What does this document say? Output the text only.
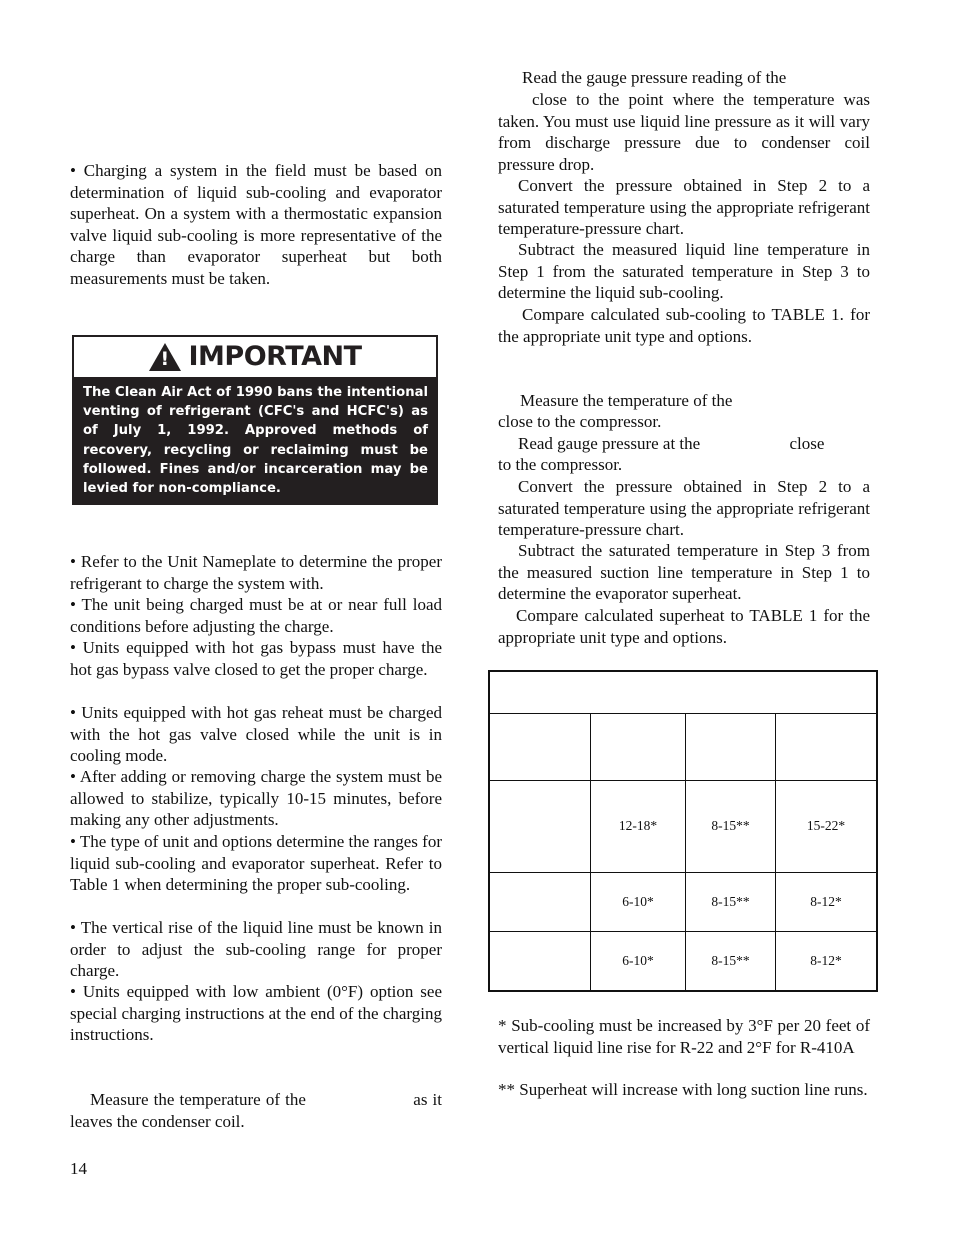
• Charging a system in the field must be based on determination of liquid sub-cooling and evaporator superheat. On a system with a thermostatic expansion valve liquid sub-cooling is more representative of the charge than evaporator superheat but both measurements must be taken.

! IMPORTANT
The Clean Air Act of 1990 bans the intentional venting of refrigerant (CFC's and HCFC's) as of July 1, 1992. Approved methods of recovery, recycling or reclaiming must be followed. Fines and/or incarceration may be levied for non-compliance.

• Refer to the Unit Nameplate to determine the proper refrigerant to charge the system with.

• The unit being charged must be at or near full load conditions before adjusting the charge.

• Units equipped with hot gas bypass must have the hot gas bypass valve closed to get the proper charge.

• Units equipped with hot gas reheat must be charged with the hot gas valve closed while the unit is in cooling mode.

• After adding or removing charge the system must be allowed to stabilize, typically 10-15 minutes, before making any other adjustments.

• The type of unit and options determine the ranges for liquid sub-cooling and evaporator superheat. Refer to Table 1 when determining the proper sub-cooling.

• The vertical rise of the liquid line must be known in order to adjust the sub-cooling range for proper charge.

• Units equipped with low ambient (0°F) option see special charging instructions at the end of the charging instructions.

Measure the temperature of the                     as it leaves the condenser coil.

14

Read the gauge pressure reading of the

close to the point where the temperature was taken. You must use liquid line pressure as it will vary from discharge pressure due to condenser coil pressure drop.

Convert the pressure obtained in Step 2 to a saturated temperature using the appropriate refrigerant temperature-pressure chart.

Subtract the measured liquid line temperature in Step 1 from the saturated temperature in Step 3 to determine the liquid sub-cooling.

Compare calculated sub-cooling to TABLE 1. for the appropriate unit type and options.

Measure the temperature of the

close to the compressor.

Read gauge pressure at the                     close

to the compressor.

Convert the pressure obtained in Step 2 to a saturated temperature using the appropriate refrigerant temperature-pressure chart.

Subtract the saturated temperature in Step 3 from the measured suction line temperature in Step 1 to determine the evaporator superheat.

Compare calculated superheat to TABLE 1 for the appropriate unit type and options.

	12-18*	8-15**	15-22*
	6-10*	8-15**	8-12*
	6-10*	8-15**	8-12*

* Sub-cooling must be increased by 3°F per 20 feet of vertical liquid line rise for R-22 and 2°F for R-410A

** Superheat will increase with long suction line runs.
